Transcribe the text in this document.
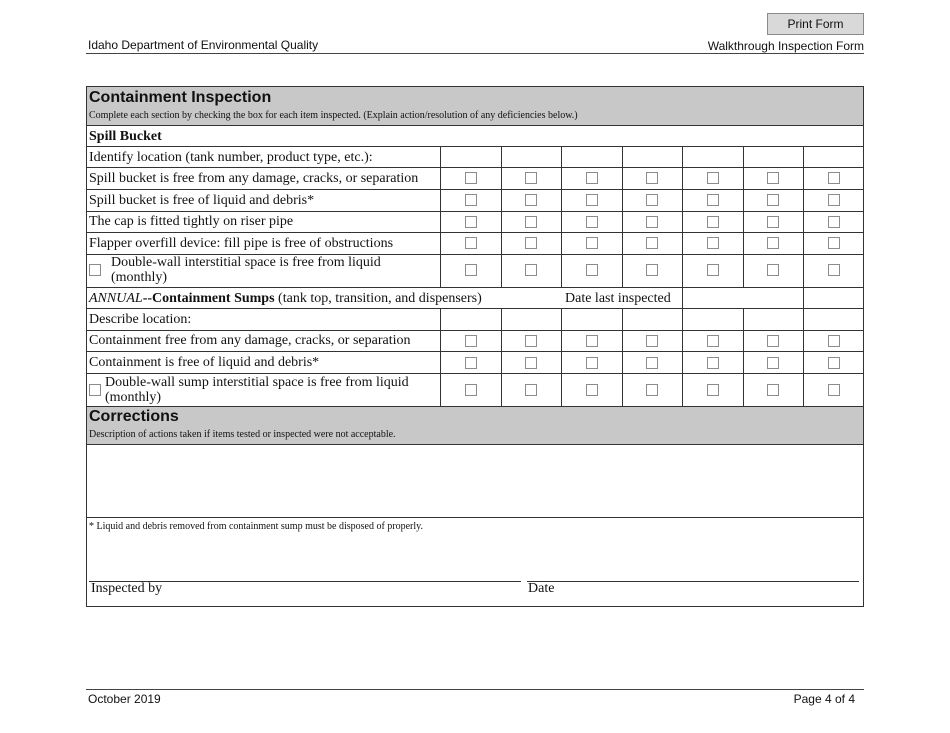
Print Form
Idaho Department of Environmental Quality	Walkthrough Inspection Form
Containment Inspection
Complete each section by checking the box for each item inspected. (Explain action/resolution of any deficiencies below.)
Spill Bucket
Identify location (tank number, product type, etc.):
Spill bucket is free from any damage, cracks, or separation
Spill bucket is free of liquid and debris*
The cap is fitted tightly on riser pipe
Flapper overfill device: fill pipe is free of obstructions
Double-wall interstitial space is free from liquid
(monthly)
ANNUAL--Containment Sumps (tank top, transition, and dispensers)	Date last inspected
Describe location:
Containment free from any damage, cracks, or separation
Containment is free of liquid and debris*
Double-wall sump interstitial space is free from liquid
(monthly)
Corrections
Description of actions taken if items tested or inspected were not acceptable.
* Liquid and debris removed from containment sump must be disposed of properly.
Inspected by	Date
October 2019	Page 4 of 4
